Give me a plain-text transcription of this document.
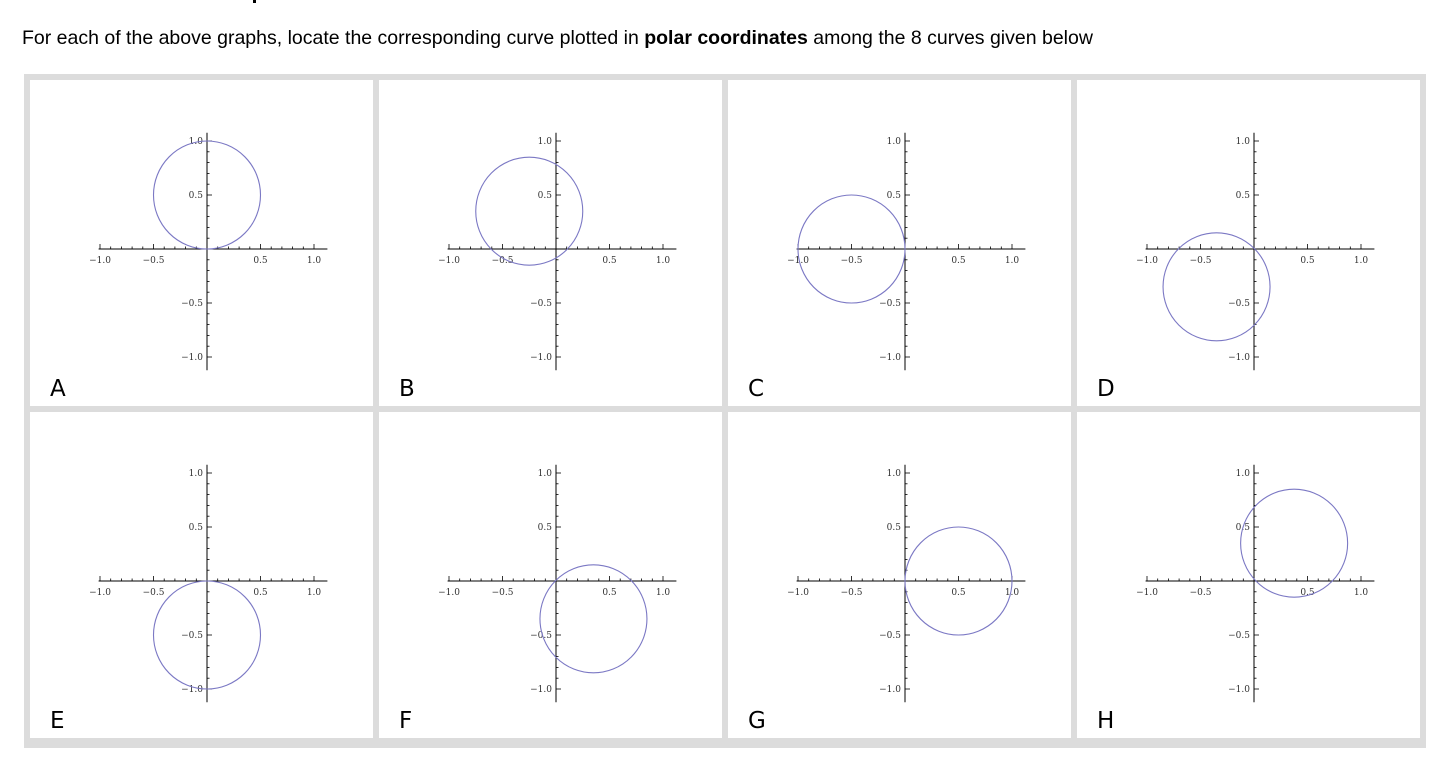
For each of the above graphs, locate the corresponding curve plotted in polar coordinates among the 8 curves given below
−1.0	−0.5	0.5	1.0
1.0
0.5
−0.5
−1.0
A
−1.0	−0.5	0.5	1.0
1.0
0.5
−0.5
−1.0
B
−1.0	−0.5	0.5	1.0
1.0
0.5
−0.5
−1.0
C
−1.0	−0.5	0.5	1.0
1.0
0.5
−0.5
−1.0
D
−1.0	−0.5	0.5	1.0
1.0
0.5
−0.5
−1.0
E
−1.0	−0.5	0.5	1.0
1.0
0.5
−0.5
−1.0
F
−1.0	−0.5	0.5	1.0
1.0
0.5
−0.5
−1.0
G
−1.0	−0.5	0.5	1.0
1.0
0.5
−0.5
−1.0
H
